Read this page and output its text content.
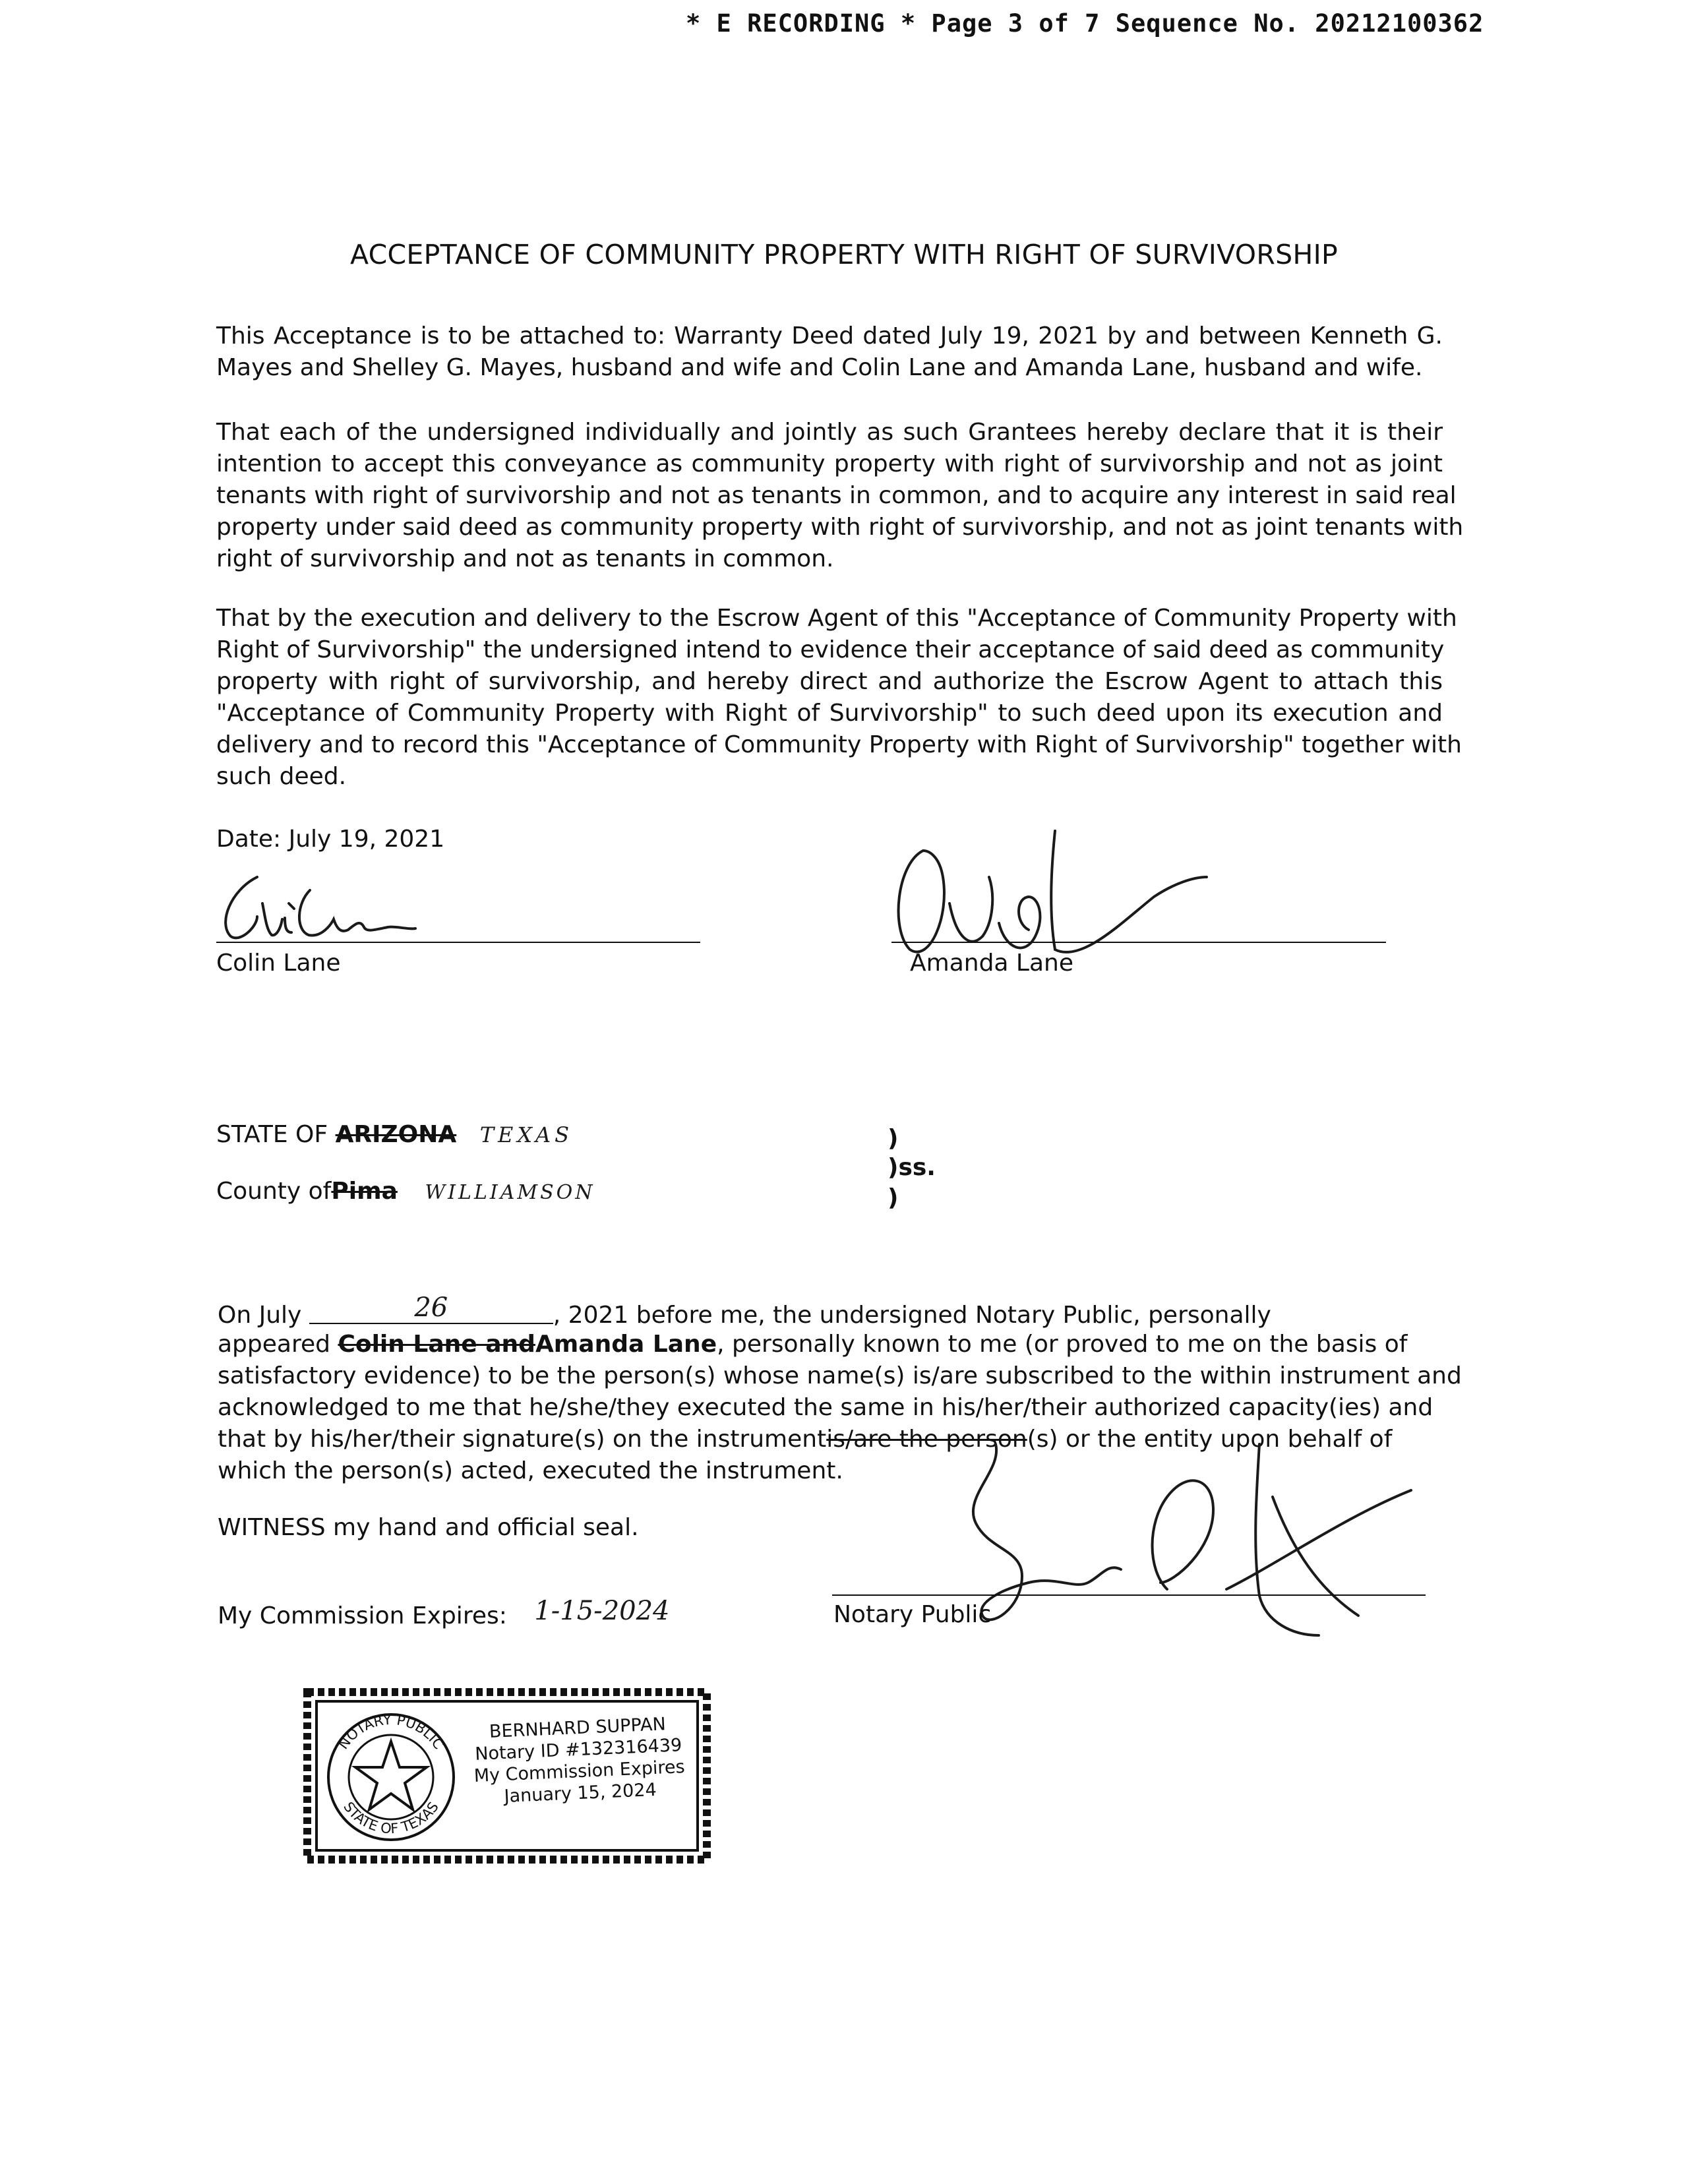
* E RECORDING * Page 3 of 7 Sequence No. 20212100362
ACCEPTANCE OF COMMUNITY PROPERTY WITH RIGHT OF SURVIVORSHIP
This Acceptance is to be attached to: Warranty Deed dated July 19, 2021 by and between Kenneth G.
Mayes and Shelley G. Mayes, husband and wife and Colin Lane and Amanda Lane, husband and wife.
That each of the undersigned individually and jointly as such Grantees hereby declare that it is their
intention to accept this conveyance as community property with right of survivorship and not as joint
tenants with right of survivorship and not as tenants in common, and to acquire any interest in said real
property under said deed as community property with right of survivorship, and not as joint tenants with
right of survivorship and not as tenants in common.
That by the execution and delivery to the Escrow Agent of this "Acceptance of Community Property with
Right of Survivorship" the undersigned intend to evidence their acceptance of said deed as community
property with right of survivorship, and hereby direct and authorize the Escrow Agent to attach this
"Acceptance of Community Property with Right of Survivorship" to such deed upon its execution and
delivery and to record this "Acceptance of Community Property with Right of Survivorship" together with
such deed.
Date: July 19, 2021
Colin Lane	Amanda Lane
STATE OF ARIZONA TEXAS
County ofPima WILLIAMSON
)
)ss.
)
On July	26	, 2021 before me, the undersigned Notary Public, personally
appeared Colin Lane andAmanda Lane, personally known to me (or proved to me on the basis of
satisfactory evidence) to be the person(s) whose name(s) is/are subscribed to the within instrument and
acknowledged to me that he/she/they executed the same in his/her/their authorized capacity(ies) and
that by his/her/their signature(s) on the instrumentis/are the person(s) or the entity upon behalf of
which the person(s) acted, executed the instrument.
WITNESS my hand and official seal.
My Commission Expires: 1-15-2024	Notary Public
NOTARY PUBLIC
STATE OF TEXAS
BERNHARD SUPPAN
Notary ID #132316439
My Commission Expires
January 15, 2024
